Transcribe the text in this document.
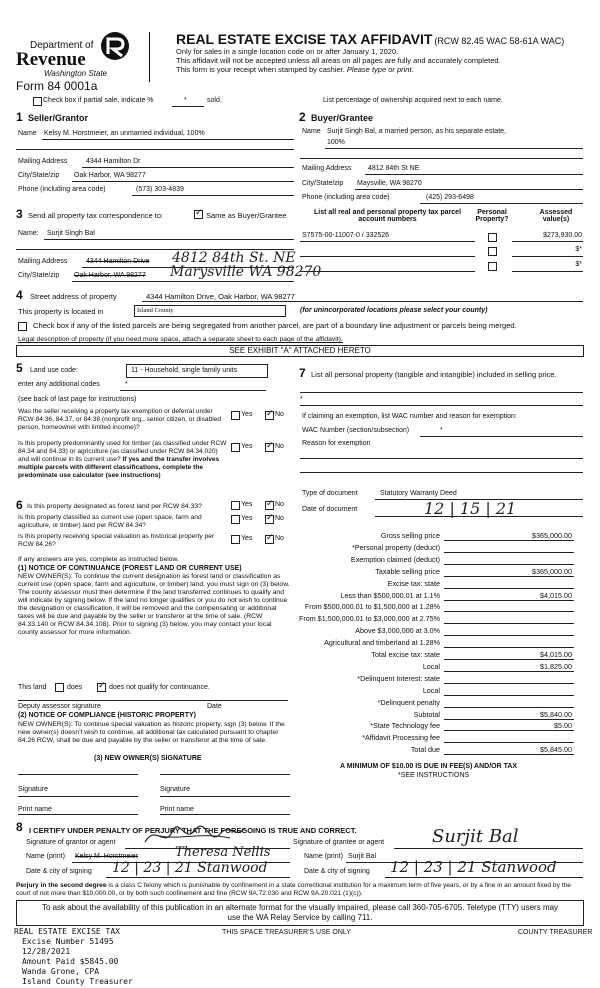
Department of
Revenue
Washington State
Form 84 0001a
REAL ESTATE EXCISE TAX AFFIDAVIT (RCW 82.45 WAC 58-61A WAC)
Only for sales in a single location code on or after January 1, 2020.
This affidavit will not be accepted unless all areas on all pages are fully and accurately completed.
This form is your receipt when stamped by cashier. Please type or print.
Check box if partial sale, indicate %	*	sold.	List percentage of ownership acquired next to each name.
1 Seller/Grantor
Name Kelsy M. Horstmeier, an unmarried individual, 100%
Mailing Address	4344 Hamilton Dr
City/State/zip Oak Harbor, WA 98277
Phone (including area code)	(573) 303-4839
2 Buyer/Grantee
Name Surjit Singh Bal, a married person, as his separate estate,
100%
Mailing Address 4812 84th St NE
City/State/zip Maysville, WA 98270
Phone (including area code)	(425) 293-6498
3 Send all property tax correspondence to: ✓	Same as Buyer/Grantee
Name: Surjit Singh Bal
Mailing Address	4344 Hamilton Drive 4812 84th St. NE
City/State/zip Oak Harbor, WA 98277 Marysville WA 98270
List all real and personal property tax parcel account numbers
Personal Property?
Assessed value(s)
S7575-00-11007-0 / 332526	$273,930.00
$*
$*
4 Street address of property	4344 Hamilton Drive, Oak Harbor, WA 98277
This property is located in	Island County	(for unincorporated locations please select your county)
Check box if any of the listed parcels are being segregated from another parcel, are part of a boundary line adjustment or parcels being merged.
Legal description of property (if you need more space, attach a separate sheet to each page of the affidavit).
SEE EXHIBIT "A" ATTACHED HERETO
5 Land use code:	11 - Household, single family units
enter any additional codes	*
(see back of last page for instructions)
Was the seller receiving a property tax exemption or deferral under RCW 84.36, 84.37, or 84.38 (nonprofit org., senior citizen, or disabled person, homeowner with limited income)?
Yes ✓	No
Is this property predominantly used for timber (as classified under RCW 84.34 and 84.33) or agriculture (as classified under RCW 84.34.020) and will continue in its current use? If yes and the transfer involves multiple parcels with different classifications, complete the predominate use calculator (see instructions)
Yes ✓	No
6 Is this property designated as forest land per RCW 84.33?	Yes ✓	No
Is this property classified as current use (open space, farm and agriculture, or timber) land per RCW 84.34?
Yes ✓	No
Is this property receiving special valuation as historical property per RCW 84.26?
Yes ✓	No
If any answers are yes, complete as instructed below.
(1) NOTICE OF CONTINUANCE (FOREST LAND OR CURRENT USE)
NEW OWNER(S): To continue the current designation as forest land or classification as current use (open space, farm and agriculture, or timber) land, you must sign on (3) below. The county assessor must then determine if the land transferred continues to qualify and will indicate by signing below. If the land no longer qualifies or you do not wish to continue the designation or classification, it will be removed and the compensating or additional taxes will be due and payable by the seller or transferor at the time of sale. (RCW 84.33.140 or RCW 84.34.108). Prior to signing (3) below, you may contact your local county assessor for more information.
This land	does ✓	does not qualify for continuance.
Deputy assessor signature	Date
(2) NOTICE OF COMPLIANCE (HISTORIC PROPERTY)
NEW OWNER(S): To continue special valuation as historic property, sign (3) below. If the new owner(s) doesn't wish to continue, all additional tax calculated pursuant to chapter 84.26 RCW, shall be due and payable by the seller or transferor at the time of sale.
(3) NEW OWNER(S) SIGNATURE
Signature	Signature
Print name	Print name
7 List all personal property (tangible and intangible) included in selling price.
*
If claiming an exemption, list WAC number and reason for exemption:
WAC Number (section/subsection)	*
Reason for exemption
Type of document	Statutory Warranty Deed
Date of document	12 | 15 | 21
Gross selling price	$365,000.00
*Personal property (deduct)
Exemption claimed (deduct)
Taxable selling price	$365,000.00
Excise tax: state
Less than $500,000.01 at 1.1%	$4,015.00
From $500,000.01 to $1,500,000 at 1.28%
From $1,500,000.01 to $3,000,000 at 2.75%
Above $3,000,000 at 3.0%
Agricultural and timberland at 1.28%
Total excise tax: state	$4,015.00
Local	$1,825.00
*Delinquent Interest: state
Local
*Delinquent penalty
Subtotal	$5,840.00
*State Technology fee	$5.00
*Affidavit Processing fee
Total due	$5,845.00
A MINIMUM OF $10.00 IS DUE IN FEE(S) AND/OR TAX
*SEE INSTRUCTIONS
8 I CERTIFY UNDER PENALTY OF PERJURY THAT THE FOREGOING IS TRUE AND CORRECT.
Signature of grantor or agent
Name (print) Kelsy M. Horstmeier	Theresa Nellis
Date & city of signing 12 | 23 | 21 Stanwood
Signature of grantee or agent	Surjit Bal
Name (print) Surjit Bal
Date & city of signing 12 | 23 | 21 Stanwood
Perjury in the second degree is a class C felony which is punishable by confinement in a state correctional institution for a maximum term of five years, or by a fine in an amount fixed by the court of not more than $10,000.00, or by both such confinement and fine (RCW 9A.72.030 and RCW 9A.20.021 (1)(c)).
To ask about the availability of this publication in an alternate format for the visually impaired, please call 360-705-6705. Teletype (TTY) users may use the WA Relay Service by calling 711.
REAL ESTATE EXCISE TAX
Excise Number 51495
12/28/2021
Amount Paid $5845.00
Wanda Grone, CPA
Island County Treasurer
THIS SPACE TREASURER'S USE ONLY	COUNTY TREASURER
